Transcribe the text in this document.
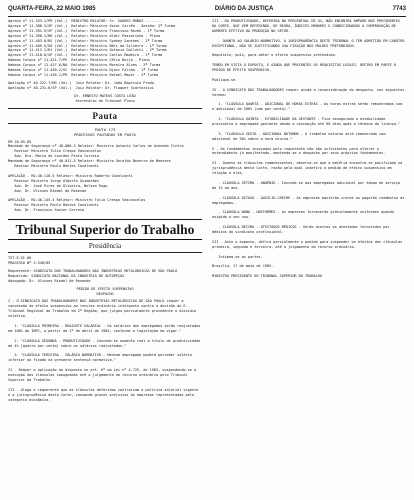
QUARTA-FEIRA, 22 MAIO 1985	DIÁRIO DA JUSTIÇA	7743
Agravo nº 11.353-1/PR (Vol.)  MINISTRO RELATOR: Sr. SOARES MUÑOZ ........
Agravo nº 11.388-3/SP (Vol.)  Relator: Ministro Oscar Corrêa - Sessão: 2ª Turma
Agravo nº 11.391-9/SP (Vol.)  Relator: Ministro Francisco Rezek - 1ª Turma
Agravo nº 11.398-1/MG (Vol.)  Relator: Ministro Aldir Passarinho - Pleno
Agravo nº 11.403-6/RS (Vol.)  Relator: Ministro Sydney Sanches - 2ª Turma
Agravo nº 11.409-5/GO (Vol.)  Relator: Ministro Néri da Silveira - 1ª Turma
Agravo nº 11.412-1/RJ (Vol.)  Relator: Ministro Octavio Gallotti - 2ª Turma
Agravo nº 11.418-0/SP (Vol.)  Relator: Ministro Carlos Madeira - 1ª Turma
Habeas Corpus nº 11.421-7/PE  Relator: Ministro Célio Borja - Pleno
Habeas Corpus nº 11.427-6/BA  Relator: Ministro Moreira Alves - 2ª Turma
Habeas Corpus nº 11.430-2/SC  Relator: Ministro Djaci Falcão - 1ª Turma
Habeas Corpus nº 11.436-1/PR  Relator: Ministro Rafael Mayer - 2ª Turma
Apelação nº 40.222-7/MG (Vol.)  Juiz Relator: Dr. João Baptista Prado
Apelação nº 40.231-6/SP (Vol.)  Juiz Relator: Dr. Flaquer Scartezzini
Dr. ERNESTO MATEUS COSTA LEÃO
Secretário do Tribunal Pleno
Pauta
PAUTA 173
PROCESSOS PAUTADOS EM PAUTA
EM 28.05.85
Mandado de Segurança nº 40.000-3 Relator: Ministro Antonio Carlos de Azevedo Cintra
Revisor Ministro Tulio Crespo Vasconcelos
Adv. Dra. Maria de Lourdes Pinto Correia
Mandado de Segurança nº 40.011-5 Relator: Ministro Geraldo Bezerra de Menezes
Revisor Ministro Paulo Bentes Cavalcanti

APELAÇÃO - RO-40.118-5 Relator: Ministro Roberto Cavalcanti
Revisor Ministro Jorge Alberto Guimarães
Adv. Dr. José Pires de Oliveira, Nelson Rugo
Adv. Dr. Ulisses Riedel de Resende

APELAÇÃO - RO-40.145-4 Relator: Ministro Tulio Crespo Vasconcelos
Revisor Ministro Paulo Bentes Cavalcanti
Adv. Dr. Francisco Xavier Correia
Tribunal Superior do Trabalho
Presidência
TST-E-XI-00
PROCESSO Nº 3.548/85
Requerente: SINDICATO DOS TRABALHADORES NAS INDÚSTRIAS METALÚRGICAS DE SÃO PAULO
Requerido: SINDICATO NACIONAL DA INDÚSTRIA DE AUTOPEÇAS
Advogado: Dr. Ulisses Riedel de Resende
PEDIDO DE EFEITO SUSPENSIVO
DESPACHO
I - O SINDICATO DOS TRABALHADORES NAS INDÚSTRIAS METALÚRGICAS DE SÃO PAULO requer a concessão de efeito suspensivo ao recurso ordinário interposto contra a decisão do E. Tribunal Regional do Trabalho da 2ª Região, que julgou parcialmente procedente o dissídio coletivo.

1. "CLÁUSULA PRIMEIRA - REAJUSTE SALARIAL - Os salários dos empregados serão reajustados em 100% do INPC, a partir de 1º de abril de 1985, conforme a legislação em vigor."

2. "CLÁUSULA SEGUNDA - PRODUTIVIDADE - Concede-se aumento real a título de produtividade de 4% (quatro por cento) sobre os salários reajustados."

3. "CLÁUSULA TERCEIRA - SALÁRIO NORMATIVO - Nenhum empregado poderá perceber salário inferior ao fixado na presente sentença normativa."

II - Requer a aplicação do disposto no art. 6º da Lei nº 4.725, de 1965, suspendendo-se a execução das cláusulas impugnadas até o julgamento do recurso ordinário pelo Tribunal Superior do Trabalho.

III - Alega o requerente que as cláusulas deferidas contrariam a política salarial vigente e a jurisprudência desta Corte, causando graves prejuízos às empresas representadas pela categoria econômica.
III - DA PRODUTIVIDADE, DEFERIDA NO PERCENTUAL DE 4%, NÃO ENCONTRA AMPARO NOS PRECEDENTES DA CORTE, QUE VEM DEFERINDO, DE REGRA, ÍNDICES MENORES E CONDICIONADOS À COMPROVAÇÃO DE AUMENTO EFETIVO DA PRODUÇÃO NO SETOR.

- QUANTO AO SALÁRIO NORMATIVO, A JURISPRUDÊNCIA DESTE TRIBUNAL O TEM ADMITIDO EM CARÁTER EXCEPCIONAL, NÃO SE JUSTIFICANDO SUA FIXAÇÃO NOS MOLDES PRETENDIDOS.

Requisito, pois, para obter o efeito suspensivo pretendido.

TENDO EM VISTA O EXPOSTO, E AINDA QUE PRESENTES OS REQUISITOS LEGAIS, DEFIRO EM PARTE O PEDIDO DE EFEITO SUSPENSIVO.

Publique-se.

IV - O SINDICATO DOS TRABALHADORES requer ainda a reconsideração do despacho, nos seguintes termos:

1. "CLÁUSULA QUARTA - ADICIONAL DE HORAS EXTRAS - As horas extras serão remuneradas com o adicional de 100% (cem por cento)."

2. "CLÁUSULA QUINTA - ESTABILIDADE DA GESTANTE - Fica assegurada a estabilidade provisória à empregada gestante desde a concepção até 60 dias após o término da licença."

3. "CLÁUSULA SEXTA - ADICIONAL NOTURNO - O trabalho noturno será remunerado com adicional de 50% sobre a hora diurna."

V - Os fundamentos invocados pelo requerente não são suficientes para alterar o entendimento já manifestado, mantendo-se o despacho por seus próprios fundamentos.

VI - Quanto às cláusulas remanescentes, observa-se que a matéria encontra-se pacificada na jurisprudência desta Corte, razão pela qual indefiro o pedido de efeito suspensivo em relação a elas.

- CLÁUSULA SÉTIMA - ANUÊNIO - Concede-se aos empregados adicional por tempo de serviço de 1% ao ano.

- CLÁUSULA OITAVA - AUXÍLIO-CRECHE - As empresas manterão creche ou pagarão reembolso às empregadas.

- CLÁUSULA NONA - UNIFORMES - As empresas fornecerão gratuitamente uniformes quando exigido o seu uso.

- CLÁUSULA DÉCIMA - ATESTADOS MÉDICOS - Serão aceitos os atestados fornecidos por médicos do sindicato profissional.

VII - Ante o exposto, defiro parcialmente o pedido para suspender os efeitos das cláusulas primeira, segunda e terceira, até o julgamento do recurso ordinário.

Intimem-se as partes.

Brasília, 17 de maio de 1985.

MINISTRO PRESIDENTE DO TRIBUNAL SUPERIOR DO TRABALHO
